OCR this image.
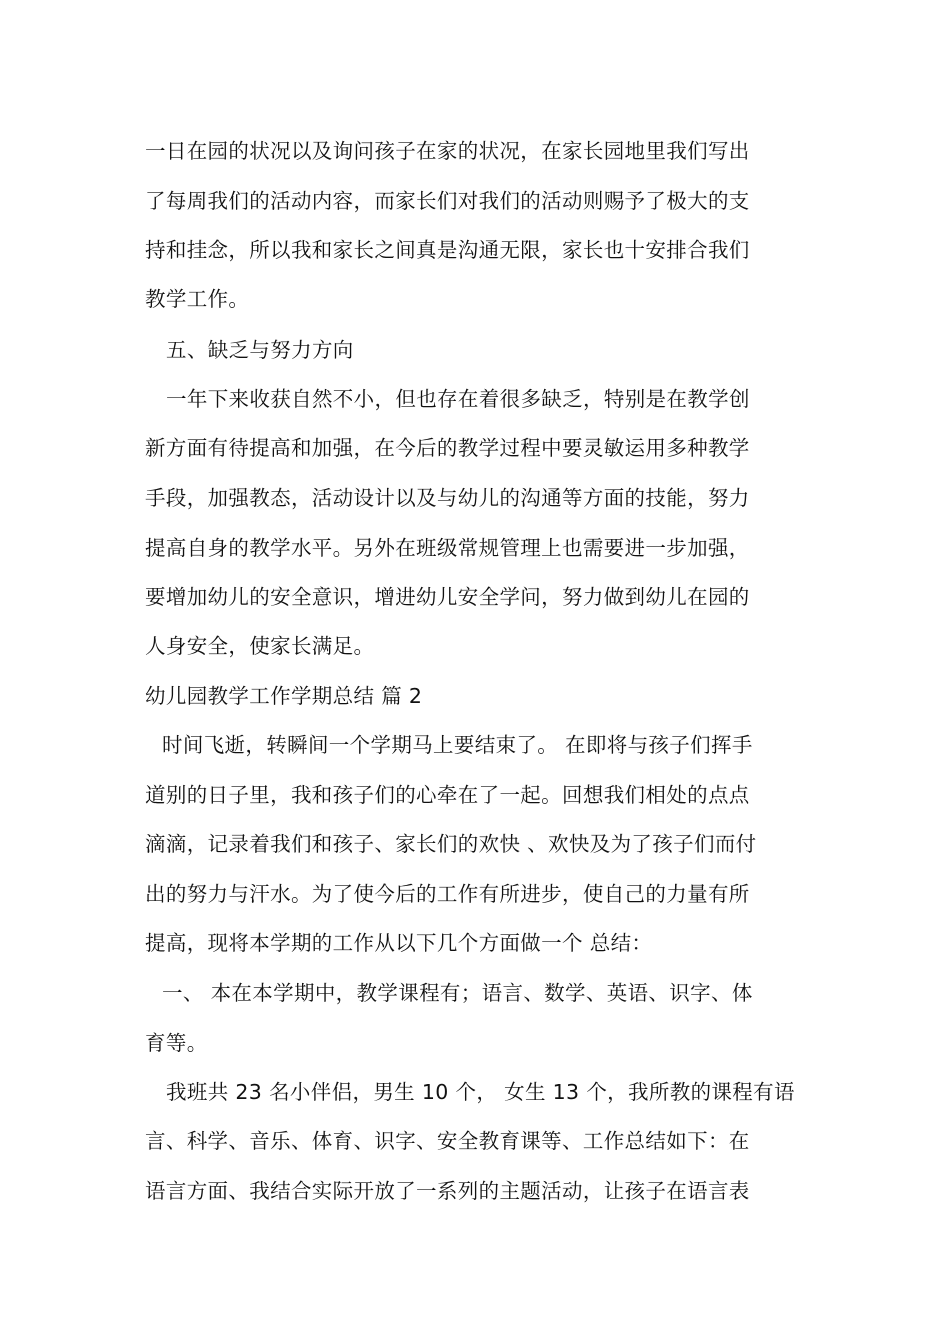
一日在园的状况以及询问孩子在家的状况，在家长园地里我们写出
了每周我们的活动内容，而家长们对我们的活动则赐予了极大的支
持和挂念，所以我和家长之间真是沟通无限，家长也十安排合我们
教学工作。
五、缺乏与努力方向
一年下来收获自然不小，但也存在着很多缺乏，特别是在教学创
新方面有待提高和加强，在今后的教学过程中要灵敏运用多种教学
手段，加强教态，活动设计以及与幼儿的沟通等方面的技能，努力
提高自身的教学水平。另外在班级常规管理上也需要进一步加强，
要增加幼儿的安全意识，增进幼儿安全学问，努力做到幼儿在园的
人身安全，使家长满足。
幼儿园教学工作学期总结 篇 2
时间飞逝，转瞬间一个学期马上要结束了。 在即将与孩子们挥手
道别的日子里，我和孩子们的心牵在了一起。回想我们相处的点点
滴滴，记录着我们和孩子、家长们的欢快 、欢快及为了孩子们而付
出的努力与汗水。为了使今后的工作有所进步，使自己的力量有所
提高，现将本学期的工作从以下几个方面做一个 总结：
一、 本在本学期中，教学课程有；语言、数学、英语、识字、体
育等。
我班共 23 名小伴侣，男生 10 个， 女生 13 个，我所教的课程有语
言、科学、音乐、体育、识字、安全教育课等、工作总结如下：在
语言方面、我结合实际开放了一系列的主题活动，让孩子在语言表
